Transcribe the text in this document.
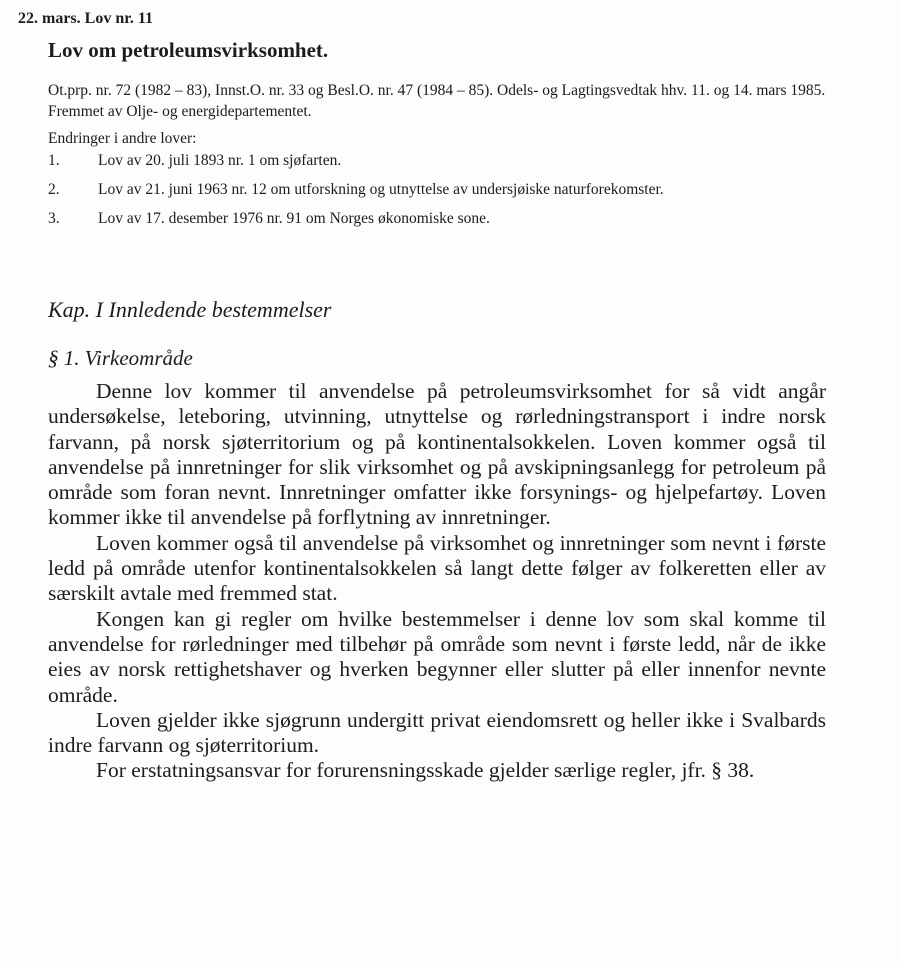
22. mars. Lov nr. 11
Lov om petroleumsvirksomhet.
Ot.prp. nr. 72 (1982 – 83), Innst.O. nr. 33 og Besl.O. nr. 47 (1984 – 85). Odels- og Lagtingsvedtak hhv. 11. og 14. mars 1985. Fremmet av Olje- og energidepartementet.
Endringer i andre lover:
1.	Lov av 20. juli 1893 nr. 1 om sjøfarten.
2.	Lov av 21. juni 1963 nr. 12 om utforskning og utnyttelse av undersjøiske naturforekomster.
3.	Lov av 17. desember 1976 nr. 91 om Norges økonomiske sone.
Kap. I Innledende bestemmelser
§ 1. Virkeområde

Denne lov kommer til anvendelse på petroleumsvirksomhet for så vidt angår undersøkelse, leteboring, utvinning, utnyttelse og rørledningstransport i indre norsk farvann, på norsk sjøterritorium og på kontinentalsokkelen. Loven kommer også til anvendelse på innretninger for slik virksomhet og på avskipningsanlegg for petroleum på område som foran nevnt. Innretninger omfatter ikke forsynings- og hjelpefartøy. Loven kommer ikke til anvendelse på forflytning av innretninger.

Loven kommer også til anvendelse på virksomhet og innretninger som nevnt i første ledd på område utenfor kontinentalsokkelen så langt dette følger av folkeretten eller av særskilt avtale med fremmed stat.

Kongen kan gi regler om hvilke bestemmelser i denne lov som skal komme til anvendelse for rørledninger med tilbehør på område som nevnt i første ledd, når de ikke eies av norsk rettighetshaver og hverken begynner eller slutter på eller innenfor nevnte område.

Loven gjelder ikke sjøgrunn undergitt privat eiendomsrett og heller ikke i Svalbards indre farvann og sjøterritorium.

For erstatningsansvar for forurensningsskade gjelder særlige regler, jfr. § 38.
